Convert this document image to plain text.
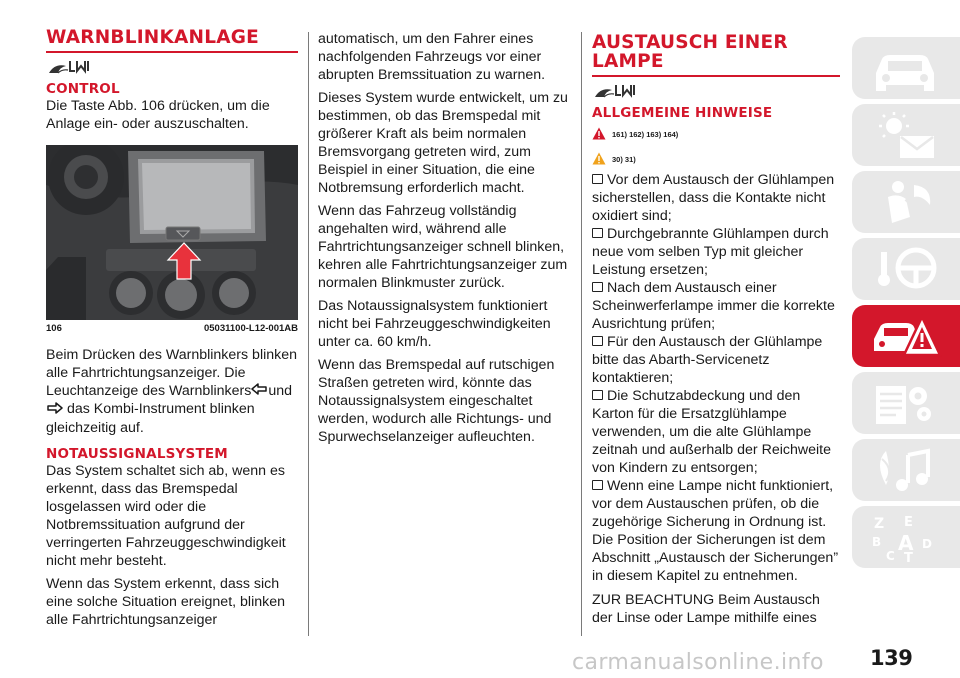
WARNBLINKANLAGE
CONTROL
Die Taste Abb. 106 drücken, um die Anlage ein- oder auszuschalten.
106	05031100-L12-001AB
Beim Drücken des Warnblinkers blinken alle Fahrtrichtungsanzeiger. Die Leuchtanzeige des Warnblinkers und
das Kombi-Instrument blinken gleichzeitig auf.
NOTAUSSIGNALSYSTEM
Das System schaltet sich ab, wenn es erkennt, dass das Bremspedal losgelassen wird oder die Notbremssituation aufgrund der verringerten Fahrzeuggeschwindigkeit nicht mehr besteht.
Wenn das System erkennt, dass sich eine solche Situation ereignet, blinken alle Fahrtrichtungsanzeiger
automatisch, um den Fahrer eines nachfolgenden Fahrzeugs vor einer abrupten Bremssituation zu warnen.
Dieses System wurde entwickelt, um zu bestimmen, ob das Bremspedal mit größerer Kraft als beim normalen Bremsvorgang getreten wird, zum Beispiel in einer Situation, die eine Notbremsung erforderlich macht.
Wenn das Fahrzeug vollständig angehalten wird, während alle Fahrtrichtungsanzeiger schnell blinken, kehren alle Fahrtrichtungsanzeiger zum normalen Blinkmuster zurück.
Das Notaussignalsystem funktioniert nicht bei Fahrzeuggeschwindigkeiten unter ca. 60 km/h.
Wenn das Bremspedal auf rutschigen Straßen getreten wird, könnte das Notaussignalsystem eingeschaltet werden, wodurch alle Richtungs- und Spurwechselanzeiger aufleuchten.
AUSTAUSCH EINER
LAMPE
ALLGEMEINE HINWEISE
161) 162) 163) 164)
30) 31)
Vor dem Austausch der Glühlampen sicherstellen, dass die Kontakte nicht oxidiert sind;
Durchgebrannte Glühlampen durch neue vom selben Typ mit gleicher Leistung ersetzen;
Nach dem Austausch einer Scheinwerferlampe immer die korrekte Ausrichtung prüfen;
Für den Austausch der Glühlampe bitte das Abarth-Servicenetz kontaktieren;
Die Schutzabdeckung und den Karton für die Ersatzglühlampe verwenden, um die alte Glühlampe zeitnah und außerhalb der Reichweite von Kindern zu entsorgen;
Wenn eine Lampe nicht funktioniert, vor dem Austauschen prüfen, ob die zugehörige Sicherung in Ordnung ist. Die Position der Sicherungen ist dem Abschnitt „Austausch der Sicherungen” in diesem Kapitel zu entnehmen.
ZUR BEACHTUNG Beim Austausch der Linse oder Lampe mithilfe eines
Z E
B A
C
D
T
139
carmanualsonline.info
